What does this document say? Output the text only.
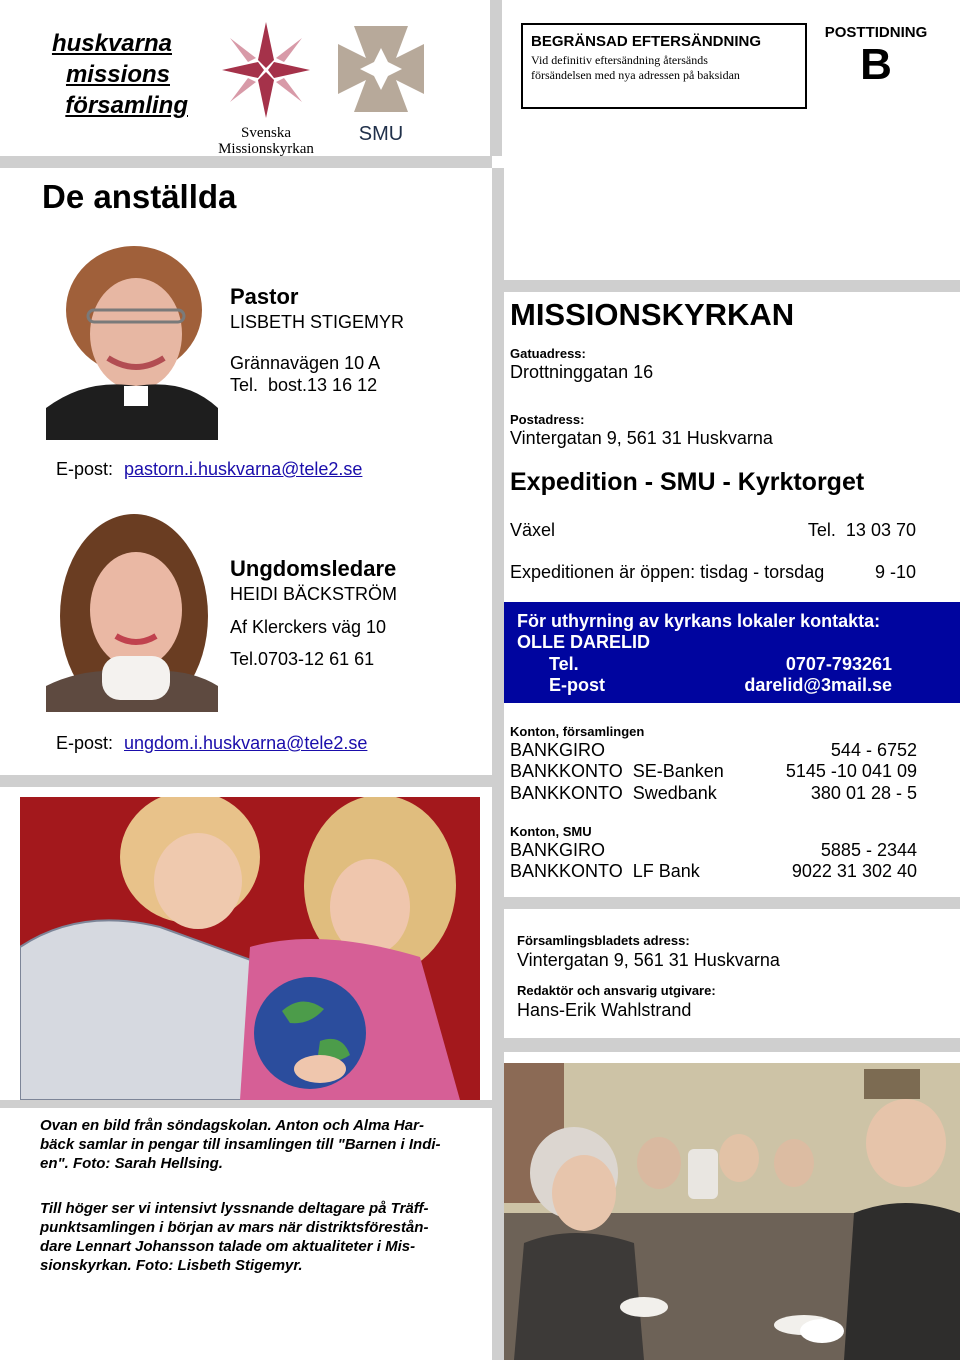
huskvarna
missions
församling
Svenska
Missionskyrkan
SMU
BEGRÄNSAD EFTERSÄNDNING
Vid definitiv eftersändning återsänds
försändelsen med nya adressen på baksidan
POSTTIDNING
B
De anställda
Pastor
LISBETH STIGEMYR
Grännavägen 10 A
Tel.  bost.13 16 12
E-post: pastorn.i.huskvarna@tele2.se
Ungdomsledare
HEIDI BÄCKSTRÖM
Af Klerckers väg 10
Tel.0703-12 61 61
E-post: ungdom.i.huskvarna@tele2.se
MISSIONSKYRKAN
Gatuadress:
Drottninggatan 16
Postadress:
Vintergatan 9, 561 31 Huskvarna
Expedition - SMU - Kyrktorget
Växel	Tel.  13 03 70
Expeditionen är öppen: tisdag - torsdag	9 -10
För uthyrning av kyrkans lokaler kontakta:
OLLE DARELID
Tel.	0707-793261
E-post	darelid@3mail.se
Konton, församlingen
BANKGIRO	544 - 6752
BANKKONTO  SE-Banken	5145 -10 041 09
BANKKONTO  Swedbank	380 01 28 - 5
Konton, SMU
BANKGIRO	5885 - 2344
BANKKONTO  LF Bank	9022 31 302 40
Församlingsbladets adress:
Vintergatan 9, 561 31 Huskvarna
Redaktör och ansvarig utgivare:
Hans-Erik Wahlstrand
Ovan en bild från söndagskolan. Anton och Alma Har-
bäck samlar in pengar till insamlingen till "Barnen i Indi-
en". Foto: Sarah Hellsing.
Till höger ser vi intensivt lyssnande deltagare på Träff-
punktsamlingen i början av mars när distriktsförestån-
dare Lennart Johansson talade om aktualiteter i Mis-
sionskyrkan. Foto: Lisbeth Stigemyr.
